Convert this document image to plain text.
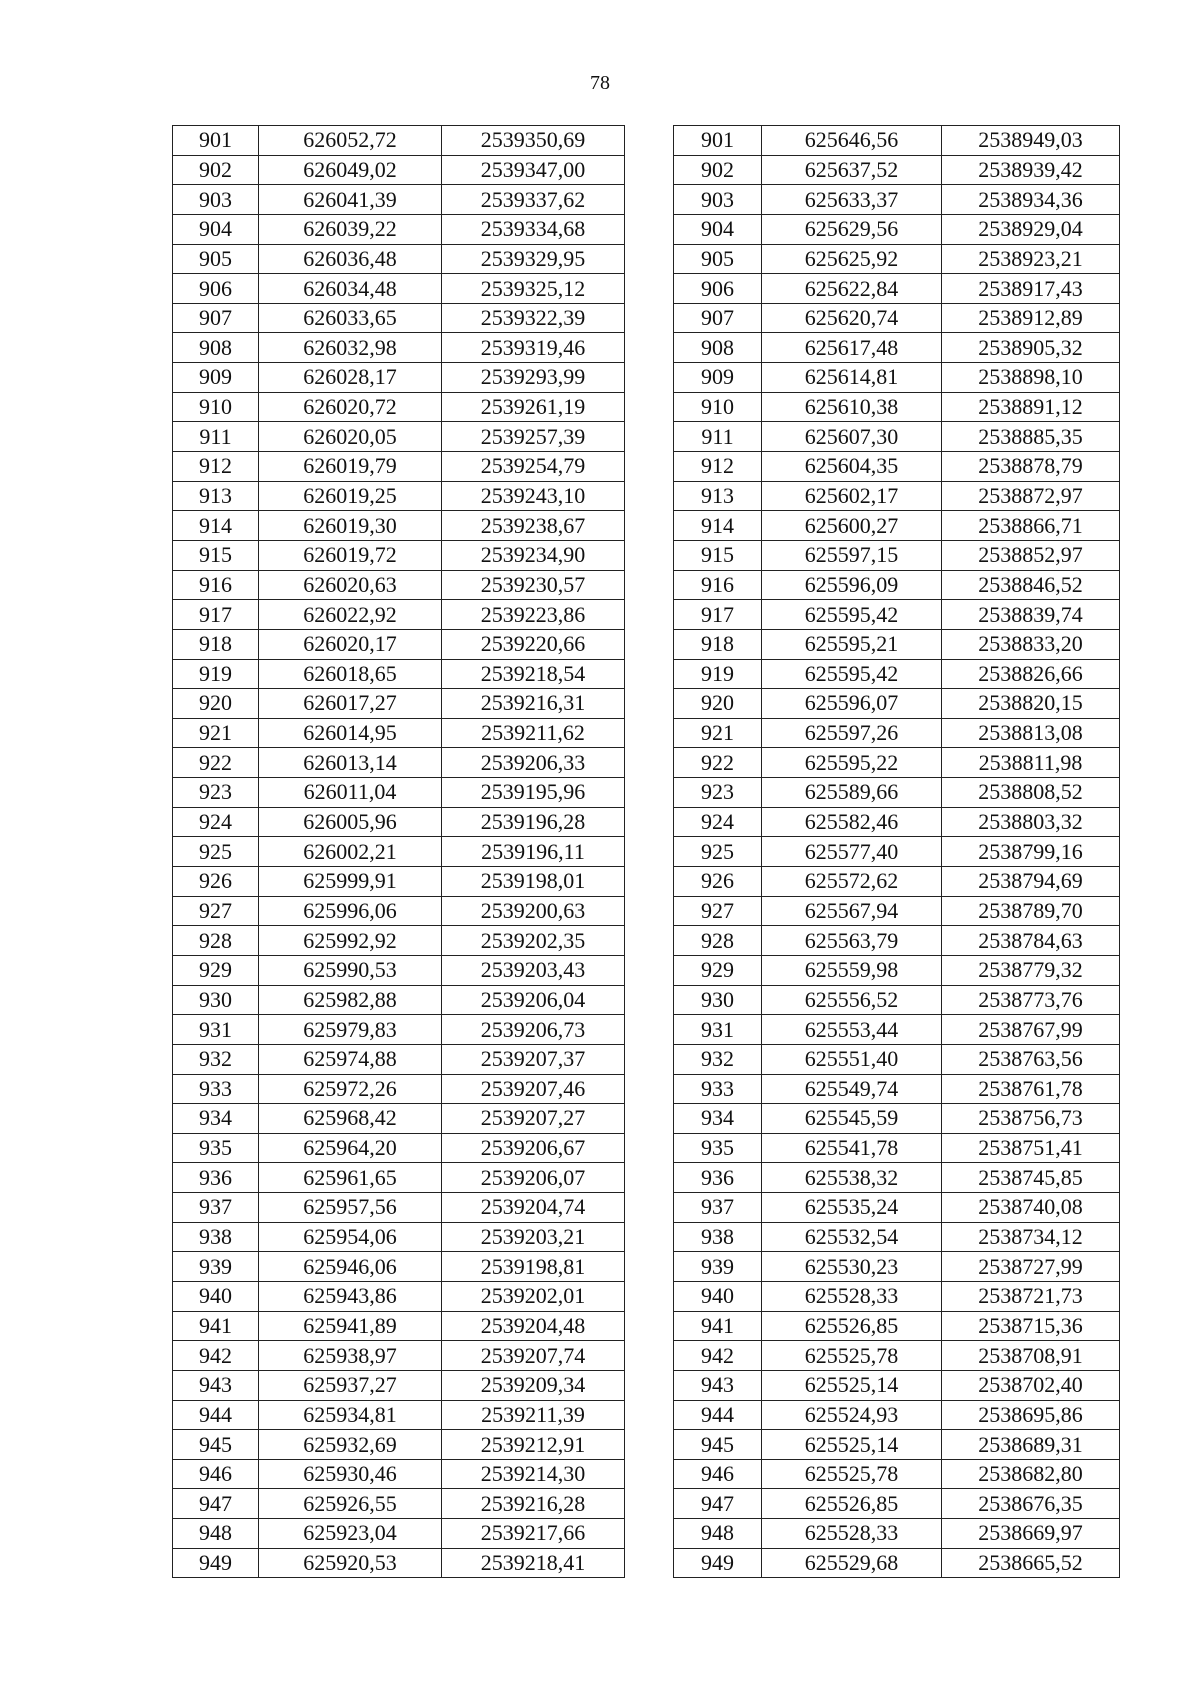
78
901	626052,72	2539350,69		901	625646,56	2538949,03
902	626049,02	2539347,00		902	625637,52	2538939,42
903	626041,39	2539337,62		903	625633,37	2538934,36
904	626039,22	2539334,68		904	625629,56	2538929,04
905	626036,48	2539329,95		905	625625,92	2538923,21
906	626034,48	2539325,12		906	625622,84	2538917,43
907	626033,65	2539322,39		907	625620,74	2538912,89
908	626032,98	2539319,46		908	625617,48	2538905,32
909	626028,17	2539293,99		909	625614,81	2538898,10
910	626020,72	2539261,19		910	625610,38	2538891,12
911	626020,05	2539257,39		911	625607,30	2538885,35
912	626019,79	2539254,79		912	625604,35	2538878,79
913	626019,25	2539243,10		913	625602,17	2538872,97
914	626019,30	2539238,67		914	625600,27	2538866,71
915	626019,72	2539234,90		915	625597,15	2538852,97
916	626020,63	2539230,57		916	625596,09	2538846,52
917	626022,92	2539223,86		917	625595,42	2538839,74
918	626020,17	2539220,66		918	625595,21	2538833,20
919	626018,65	2539218,54		919	625595,42	2538826,66
920	626017,27	2539216,31		920	625596,07	2538820,15
921	626014,95	2539211,62		921	625597,26	2538813,08
922	626013,14	2539206,33		922	625595,22	2538811,98
923	626011,04	2539195,96		923	625589,66	2538808,52
924	626005,96	2539196,28		924	625582,46	2538803,32
925	626002,21	2539196,11		925	625577,40	2538799,16
926	625999,91	2539198,01		926	625572,62	2538794,69
927	625996,06	2539200,63		927	625567,94	2538789,70
928	625992,92	2539202,35		928	625563,79	2538784,63
929	625990,53	2539203,43		929	625559,98	2538779,32
930	625982,88	2539206,04		930	625556,52	2538773,76
931	625979,83	2539206,73		931	625553,44	2538767,99
932	625974,88	2539207,37		932	625551,40	2538763,56
933	625972,26	2539207,46		933	625549,74	2538761,78
934	625968,42	2539207,27		934	625545,59	2538756,73
935	625964,20	2539206,67		935	625541,78	2538751,41
936	625961,65	2539206,07		936	625538,32	2538745,85
937	625957,56	2539204,74		937	625535,24	2538740,08
938	625954,06	2539203,21		938	625532,54	2538734,12
939	625946,06	2539198,81		939	625530,23	2538727,99
940	625943,86	2539202,01		940	625528,33	2538721,73
941	625941,89	2539204,48		941	625526,85	2538715,36
942	625938,97	2539207,74		942	625525,78	2538708,91
943	625937,27	2539209,34		943	625525,14	2538702,40
944	625934,81	2539211,39		944	625524,93	2538695,86
945	625932,69	2539212,91		945	625525,14	2538689,31
946	625930,46	2539214,30		946	625525,78	2538682,80
947	625926,55	2539216,28		947	625526,85	2538676,35
948	625923,04	2539217,66		948	625528,33	2538669,97
949	625920,53	2539218,41		949	625529,68	2538665,52
